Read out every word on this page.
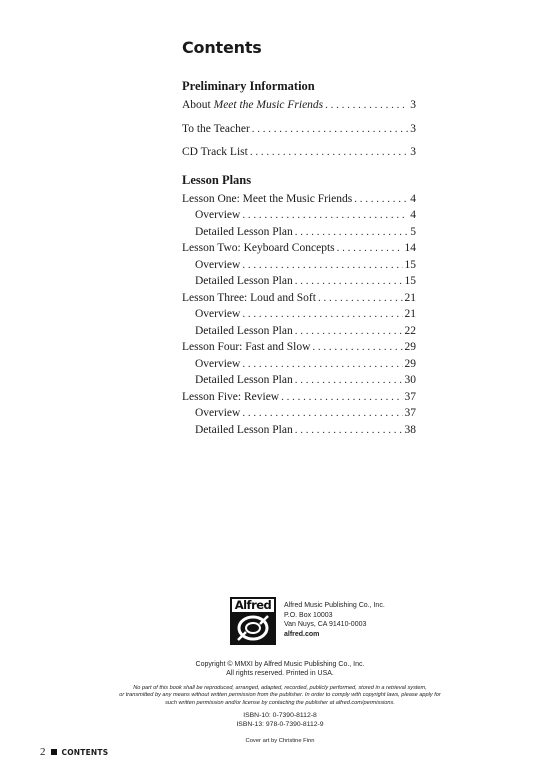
Contents
Preliminary Information
About Meet the Music Friends . . .	3
To the Teacher . . .	3
CD Track List . . .	3
Lesson Plans
Lesson One: Meet the Music Friends . . .	4
Overview . . .	4
Detailed Lesson Plan . . .	5
Lesson Two: Keyboard Concepts . . .	14
Overview . . .	15
Detailed Lesson Plan . . .	15
Lesson Three: Loud and Soft . . .	21
Overview . . .	21
Detailed Lesson Plan . . .	22
Lesson Four: Fast and Slow . . .	29
Overview . . .	29
Detailed Lesson Plan . . .	30
Lesson Five: Review . . .	37
Overview . . .	37
Detailed Lesson Plan . . .	38
Alfred	Alfred Music Publishing Co., Inc.
P.O. Box 10003
Van Nuys, CA 91410-0003
alfred.com
Copyright © MMXI by Alfred Music Publishing Co., Inc.
All rights reserved. Printed in USA.
No part of this book shall be reproduced, arranged, adapted, recorded, publicly performed, stored in a retrieval system,
or transmitted by any means without written permission from the publisher. In order to comply with copyright laws, please apply for
such written permission and/or license by contacting the publisher at alfred.com/permissions.
ISBN-10: 0-7390-8112-8
ISBN-13: 978-0-7390-8112-9
Cover art by Christine Finn
2 CONTENTS
